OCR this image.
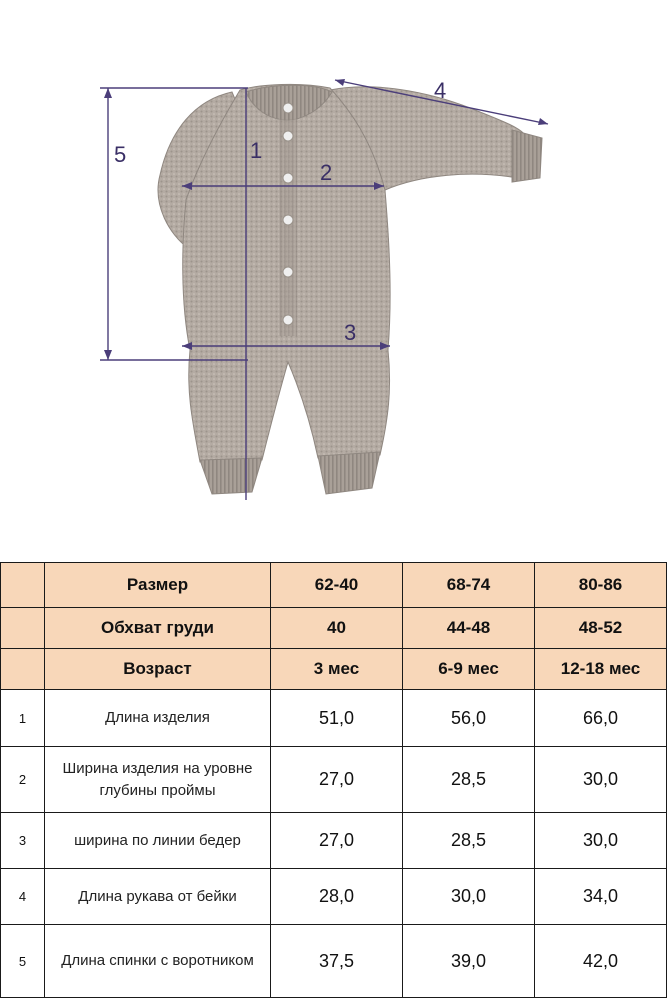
5	1
2
3
4
	Размер	62-40	68-74	80-86
	Обхват груди	40	44-48	48-52
	Возраст	3 мес	6-9 мес	12-18 мес
1	Длина изделия	51,0	56,0	66,0
2	Ширина изделия на уровне глубины проймы	27,0	28,5	30,0
3	ширина по линии бедер	27,0	28,5	30,0
4	Длина рукава от бейки	28,0	30,0	34,0
5	Длина спинки с воротником	37,5	39,0	42,0
